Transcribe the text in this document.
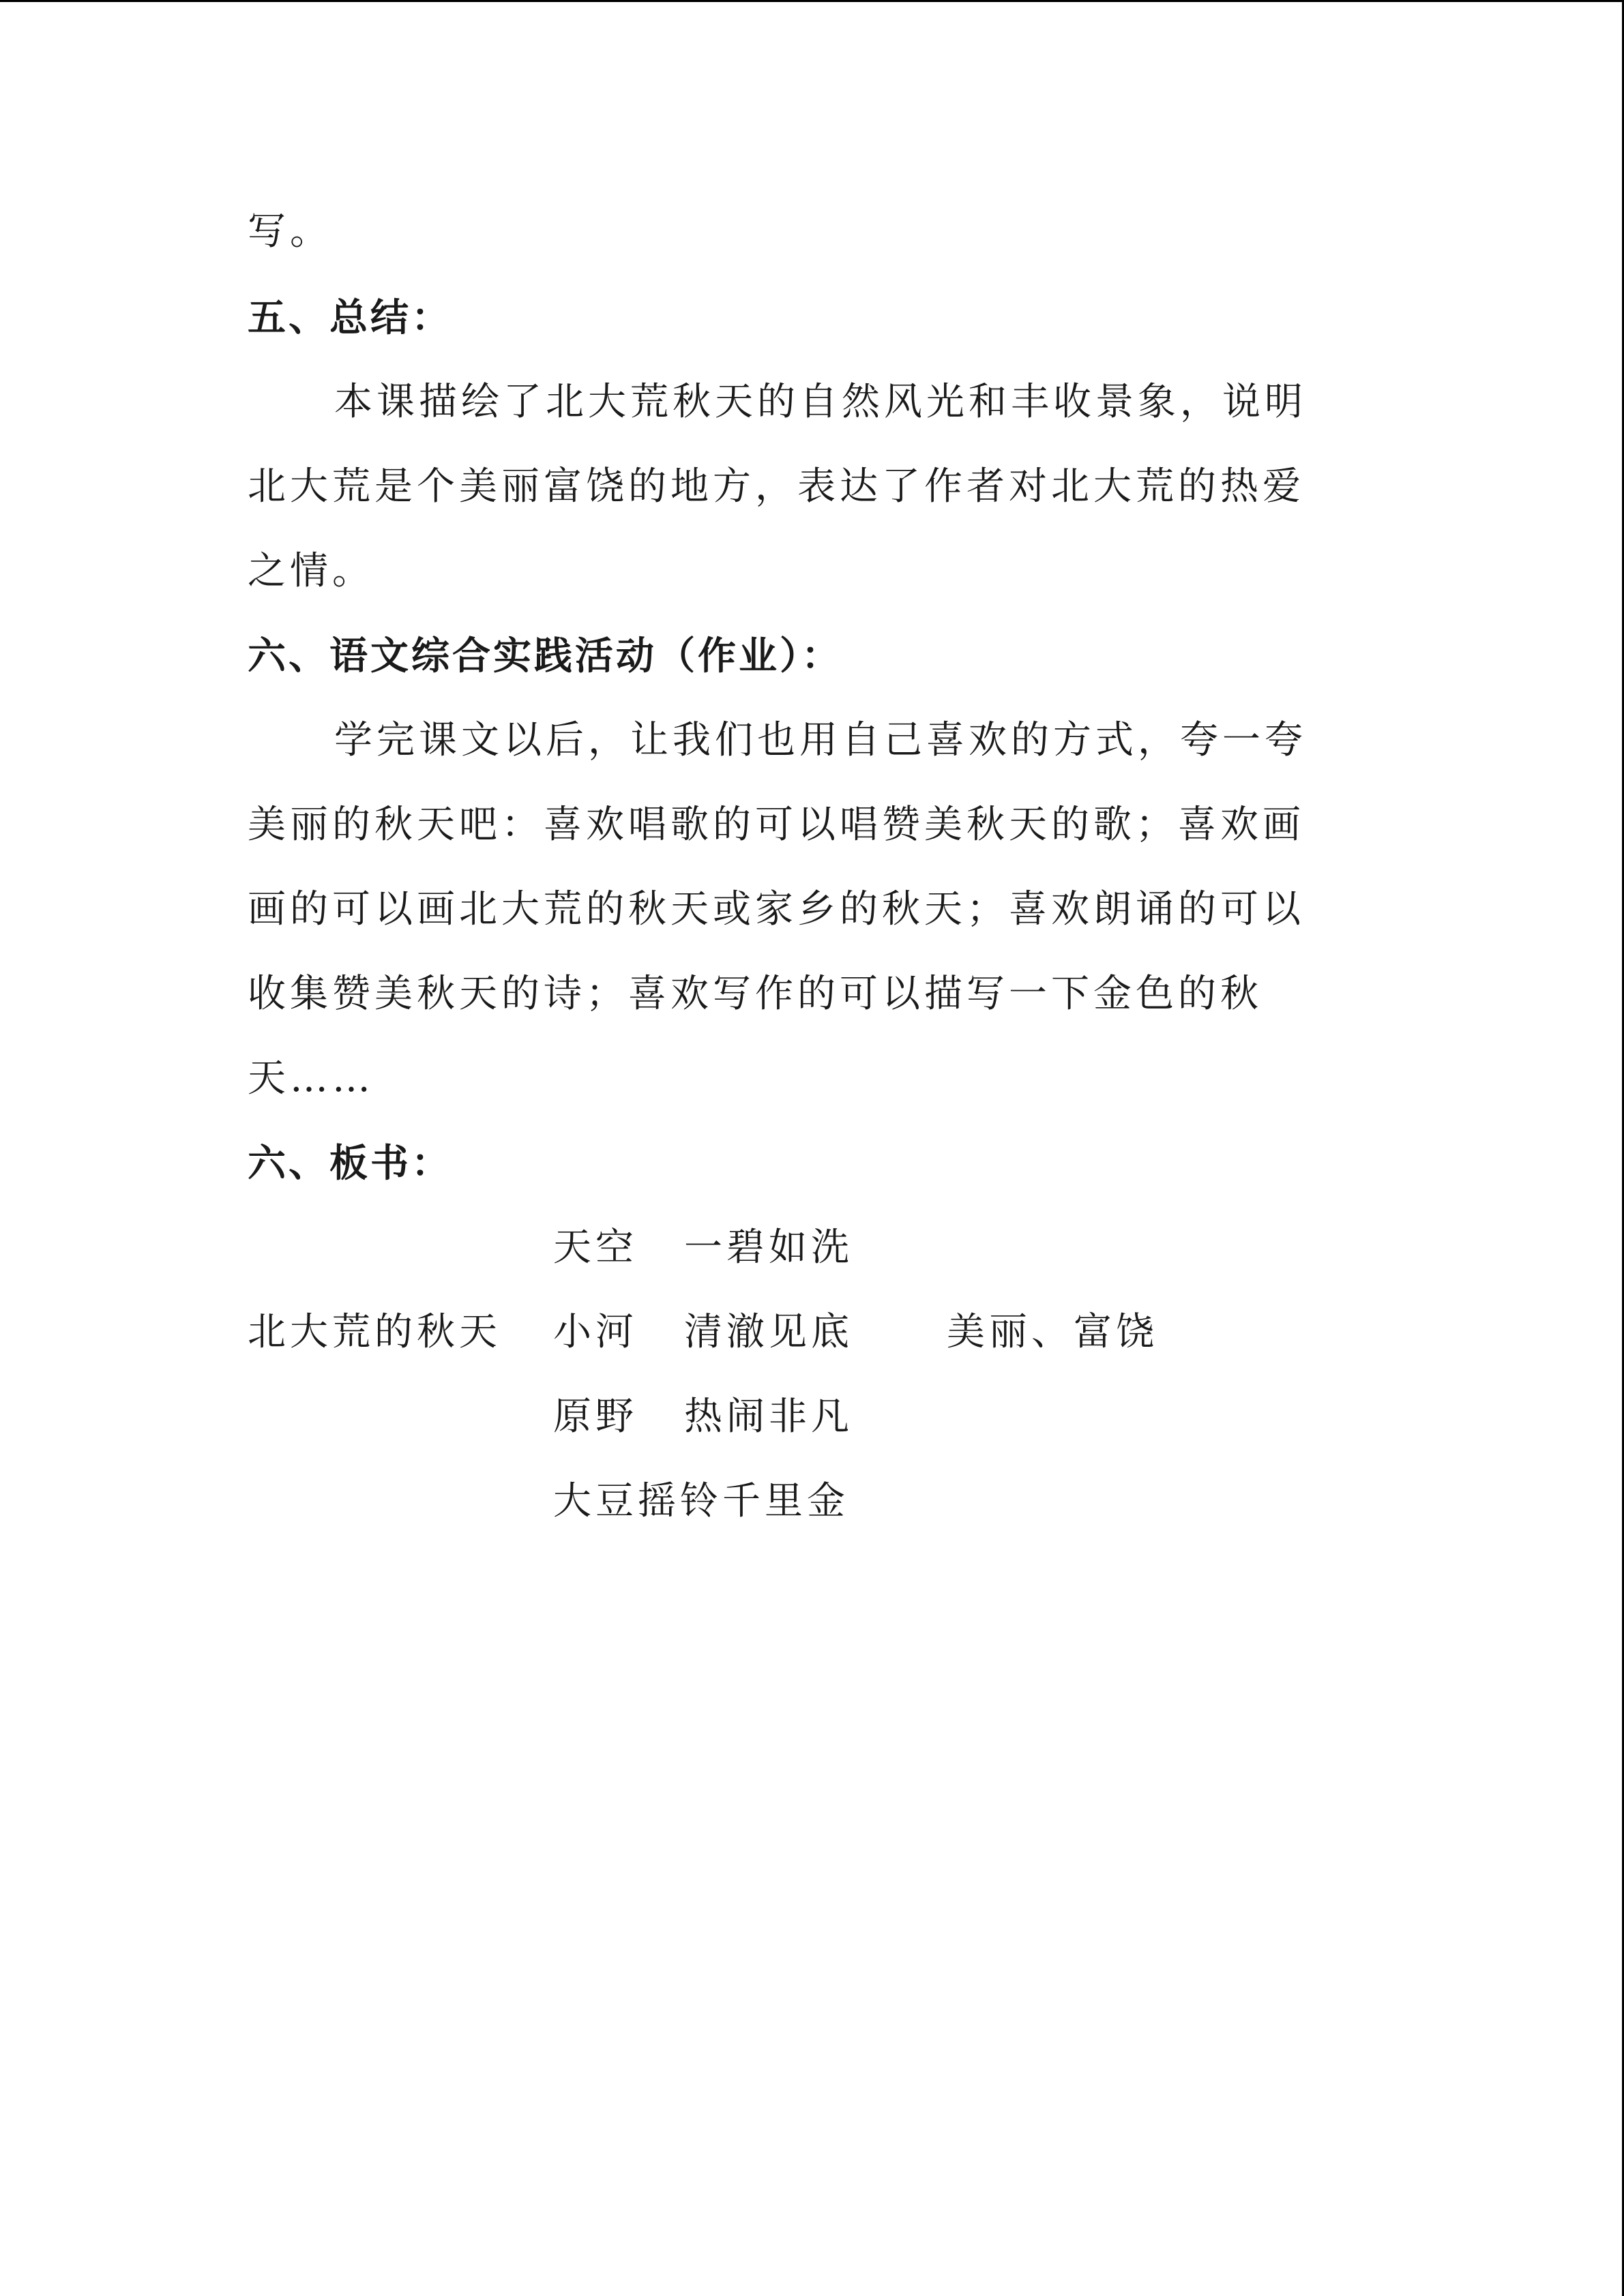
写。
五、总结：
本课描绘了北大荒秋天的自然风光和丰收景象，说明
北大荒是个美丽富饶的地方，表达了作者对北大荒的热爱
之情。
六、语文综合实践活动（作业）：
学完课文以后，让我们也用自己喜欢的方式，夸一夸
美丽的秋天吧：喜欢唱歌的可以唱赞美秋天的歌；喜欢画
画的可以画北大荒的秋天或家乡的秋天；喜欢朗诵的可以
收集赞美秋天的诗；喜欢写作的可以描写一下金色的秋
天……
六、板书：
北大荒的秋天
天空 一碧如洗
小河 清澈见底
原野 热闹非凡
大豆摇铃千里金
美丽、富饶
